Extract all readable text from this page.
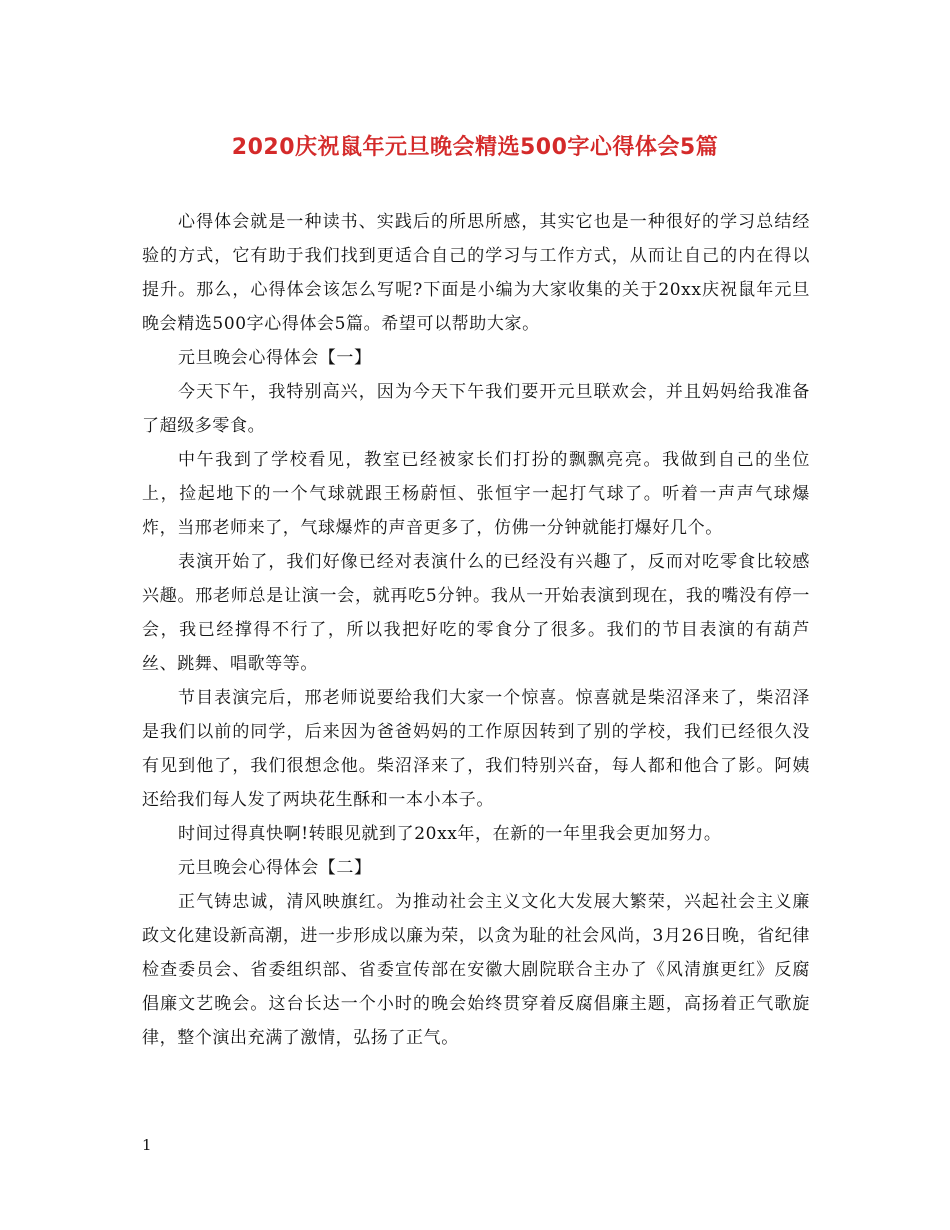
2020庆祝鼠年元旦晚会精选500字心得体会5篇

心得体会就是一种读书、实践后的所思所感，其实它也是一种很好的学习总结经验的方式，它有助于我们找到更适合自己的学习与工作方式，从而让自己的内在得以提升。那么，心得体会该怎么写呢?下面是小编为大家收集的关于20xx庆祝鼠年元旦晚会精选500字心得体会5篇。希望可以帮助大家。

元旦晚会心得体会【一】

今天下午，我特别高兴，因为今天下午我们要开元旦联欢会，并且妈妈给我准备了超级多零食。

中午我到了学校看见，教室已经被家长们打扮的飘飘亮亮。我做到自己的坐位上，捡起地下的一个气球就跟王杨蔚恒、张恒宇一起打气球了。听着一声声气球爆炸，当邢老师来了，气球爆炸的声音更多了，仿佛一分钟就能打爆好几个。

表演开始了，我们好像已经对表演什么的已经没有兴趣了，反而对吃零食比较感兴趣。邢老师总是让演一会，就再吃5分钟。我从一开始表演到现在，我的嘴没有停一会，我已经撑得不行了，所以我把好吃的零食分了很多。我们的节目表演的有葫芦丝、跳舞、唱歌等等。

节目表演完后，邢老师说要给我们大家一个惊喜。惊喜就是柴沼泽来了，柴沼泽是我们以前的同学，后来因为爸爸妈妈的工作原因转到了别的学校，我们已经很久没有见到他了，我们很想念他。柴沼泽来了，我们特别兴奋，每人都和他合了影。阿姨还给我们每人发了两块花生酥和一本小本子。

时间过得真快啊!转眼见就到了20xx年，在新的一年里我会更加努力。

元旦晚会心得体会【二】

正气铸忠诚，清风映旗红。为推动社会主义文化大发展大繁荣，兴起社会主义廉政文化建设新高潮，进一步形成以廉为荣，以贪为耻的社会风尚，3月26日晚，省纪律检查委员会、省委组织部、省委宣传部在安徽大剧院联合主办了《风清旗更红》反腐倡廉文艺晚会。这台长达一个小时的晚会始终贯穿着反腐倡廉主题，高扬着正气歌旋律，整个演出充满了激情，弘扬了正气。

1
